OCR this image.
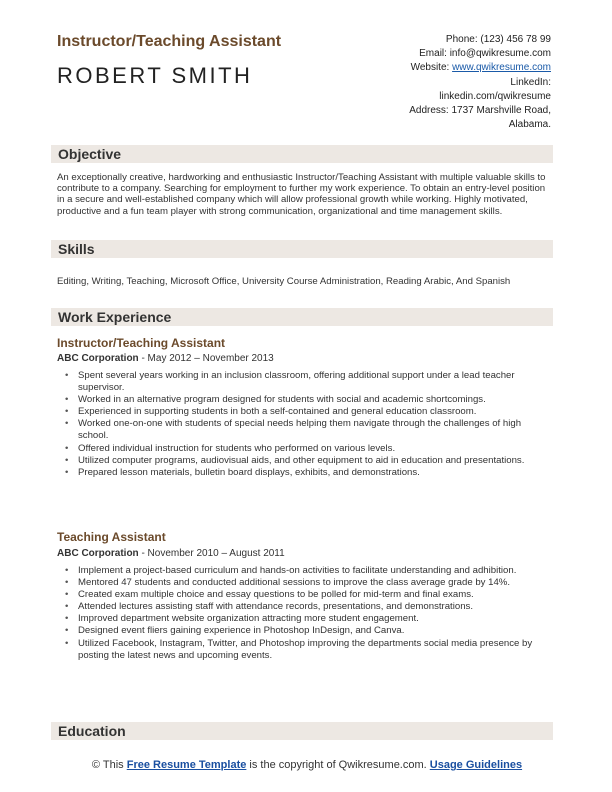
Instructor/Teaching Assistant
ROBERT SMITH
Phone: (123) 456 78 99
Email: info@qwikresume.com
Website: www.qwikresume.com
LinkedIn:
linkedin.com/qwikresume
Address: 1737 Marshville Road,
Alabama.
Objective
An exceptionally creative, hardworking and enthusiastic Instructor/Teaching Assistant with multiple valuable skills to contribute to a company. Searching for employment to further my work experience. To obtain an entry-level position in a secure and well-established company which will allow professional growth while working. Highly motivated, productive and a fun team player with strong communication, organizational and time management skills.
Skills
Editing, Writing, Teaching, Microsoft Office, University Course Administration, Reading Arabic, And Spanish
Work Experience
Instructor/Teaching Assistant
ABC Corporation - May 2012 – November 2013
• Spent several years working in an inclusion classroom, offering additional support under a lead teacher supervisor.
• Worked in an alternative program designed for students with social and academic shortcomings.
• Experienced in supporting students in both a self-contained and general education classroom.
• Worked one-on-one with students of special needs helping them navigate through the challenges of high school.
• Offered individual instruction for students who performed on various levels.
• Utilized computer programs, audiovisual aids, and other equipment to aid in education and presentations.
• Prepared lesson materials, bulletin board displays, exhibits, and demonstrations.
Teaching Assistant
ABC Corporation - November 2010 – August 2011
• Implement a project-based curriculum and hands-on activities to facilitate understanding and adhibition.
• Mentored 47 students and conducted additional sessions to improve the class average grade by 14%.
• Created exam multiple choice and essay questions to be polled for mid-term and final exams.
• Attended lectures assisting staff with attendance records, presentations, and demonstrations.
• Improved department website organization attracting more student engagement.
• Designed event fliers gaining experience in Photoshop InDesign, and Canva.
• Utilized Facebook, Instagram, Twitter, and Photoshop improving the departments social media presence by posting the latest news and upcoming events.
Education
© This Free Resume Template is the copyright of Qwikresume.com. Usage Guidelines
